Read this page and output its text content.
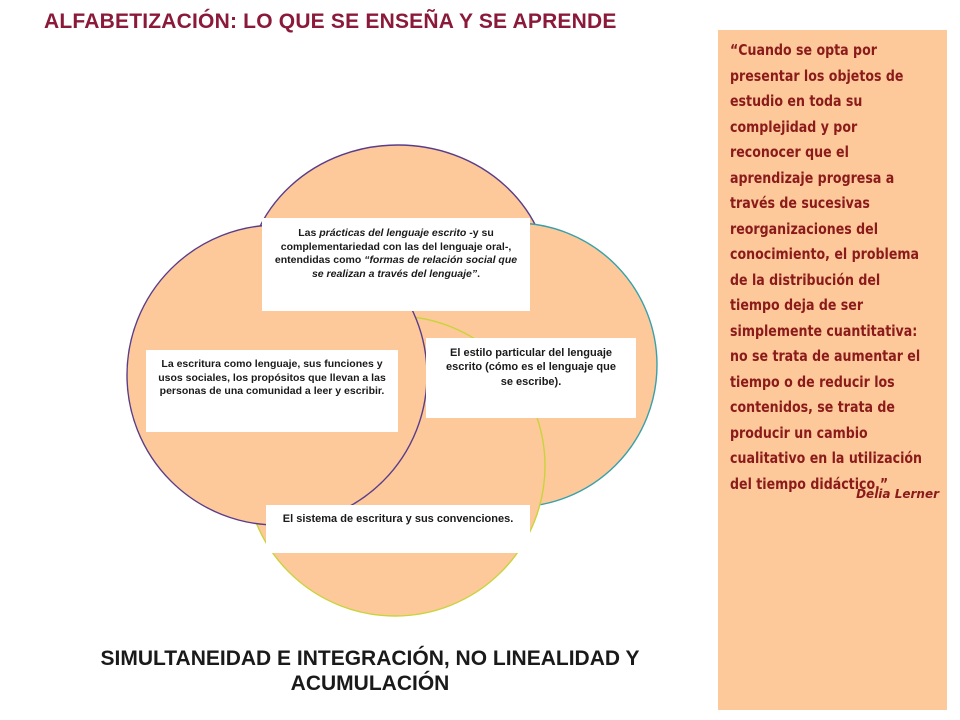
ALFABETIZACIÓN: LO QUE SE ENSEÑA Y SE APRENDE
Las prácticas del lenguaje escrito -y su complementariedad con las del lenguaje oral-, entendidas como “formas de relación social que se realizan a través del lenguaje”.
La escritura como lenguaje, sus funciones y usos sociales, los propósitos que llevan a las personas de una comunidad a leer y escribir.
El estilo particular del lenguaje escrito (cómo es el lenguaje que se escribe).
El sistema de escritura y sus convenciones.

SIMULTANEIDAD E INTEGRACIÓN, NO LINEALIDAD Y ACUMULACIÓN

“Cuando se opta por presentar los objetos de estudio en toda su complejidad y por reconocer que el aprendizaje progresa a través de sucesivas reorganizaciones del conocimiento, el problema de la distribución del tiempo deja de ser simplemente cuantitativa: no se trata de aumentar el tiempo o de reducir los contenidos, se trata de producir un cambio cualitativo en la utilización del tiempo didáctico.”

Delia Lerner
